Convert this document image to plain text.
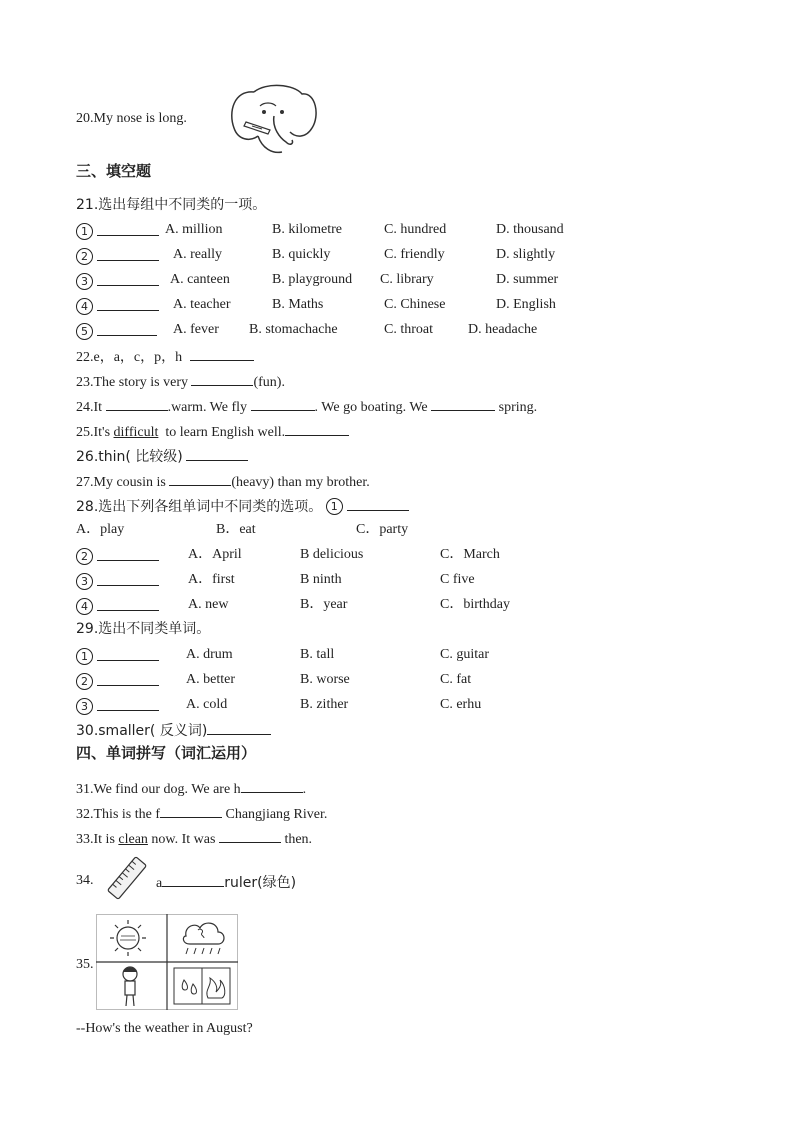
20.My nose is long.
三、填空题
21.选出每组中不同类的一项。
1	A. million	B. kilometre	C. hundred	D. thousand
2	A. really	B. quickly	C. friendly	D. slightly
3	A. canteen	B. playground C. library	D. summer
4	A. teacher	B. Maths	C. Chinese	D. English
5	A. fever B. stomachache	C. throat	D. headache
22.e，a，c，p，h
23.The story is very	(fun).
24.It	.warm. We fly	. We go boating. We	spring.
25.It's difficult to learn English well.
26.thin( 比较级)
27.My cousin is	(heavy) than my brother.
28.选出下列各组单词中不同类的选项。 1
A．play	B．eat	C．party
2	A．April	B delicious	C．March
3	A．first	B ninth	C five
4	A. new	B．year	C．birthday
29.选出不同类单词。
1	A. drum	B. tall	C. guitar
2	A. better	B. worse	C. fat
3	A. cold	B. zither	C. erhu
30.smaller( 反义词)
四、单词拼写（词汇运用）
31.We find our dog. We are h	.
32.This is the f	Changjiang River.
33.It is clean now. It was	then.
34.	a	ruler(绿色)
35.
--How's the weather in August?
